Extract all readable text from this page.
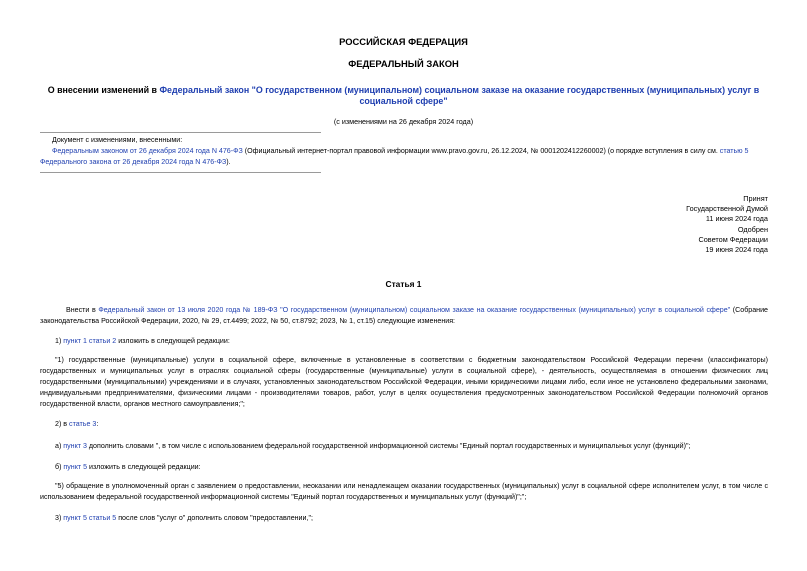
РОССИЙСКАЯ ФЕДЕРАЦИЯ
ФЕДЕРАЛЬНЫЙ ЗАКОН
О внесении изменений в Федеральный закон "О государственном (муниципальном) социальном заказе на оказание государственных (муниципальных) услуг в социальной сфере"
(с изменениями на 26 декабря 2024 года)
Документ с изменениями, внесенными:
Федеральным законом от 26 декабря 2024 года N 476-ФЗ (Официальный интернет-портал правовой информации www.pravo.gov.ru, 26.12.2024, № 0001202412260002) (о порядке вступления в силу см. статью 5 Федерального закона от 26 декабря 2024 года N 476-ФЗ).
Принят
Государственной Думой
11 июня 2024 года
Одобрен
Советом Федерации
19 июня 2024 года
Статья 1
Внести в Федеральный закон от 13 июля 2020 года № 189-ФЗ "О государственном (муниципальном) социальном заказе на оказание государственных (муниципальных) услуг в социальной сфере" (Собрание законодательства Российской Федерации, 2020, № 29, ст.4499; 2022, № 50, ст.8792; 2023, № 1, ст.15) следующие изменения:
1) пункт 1 статьи 2 изложить в следующей редакции:
"1) государственные (муниципальные) услуги в социальной сфере, включенные в установленные в соответствии с бюджетным законодательством Российской Федерации перечни (классификаторы) государственных и муниципальных услуг в отраслях социальной сферы (государственные (муниципальные) услуги в социальной сфере), - деятельность, осуществляемая в отношении физических лиц государственными (муниципальными) учреждениями и в случаях, установленных законодательством Российской Федерации, иными юридическими лицами либо, если иное не установлено федеральными законами, индивидуальными предпринимателями, физическими лицами - производителями товаров, работ, услуг в целях осуществления предусмотренных законодательством Российской Федерации полномочий органов государственной власти, органов местного самоуправления;";
2) в статье 3:
а) пункт 3 дополнить словами ", в том числе с использованием федеральной государственной информационной системы "Единый портал государственных и муниципальных услуг (функций)";
б) пункт 5 изложить в следующей редакции:
"5) обращение в уполномоченный орган с заявлением о предоставлении, неоказании или ненадлежащем оказании государственных (муниципальных) услуг в социальной сфере исполнителем услуг, в том числе с использованием федеральной государственной информационной системы "Единый портал государственных и муниципальных услуг (функций)";";
3) пункт 5 статьи 5 после слов "услуг о" дополнить словом "предоставлении,";
